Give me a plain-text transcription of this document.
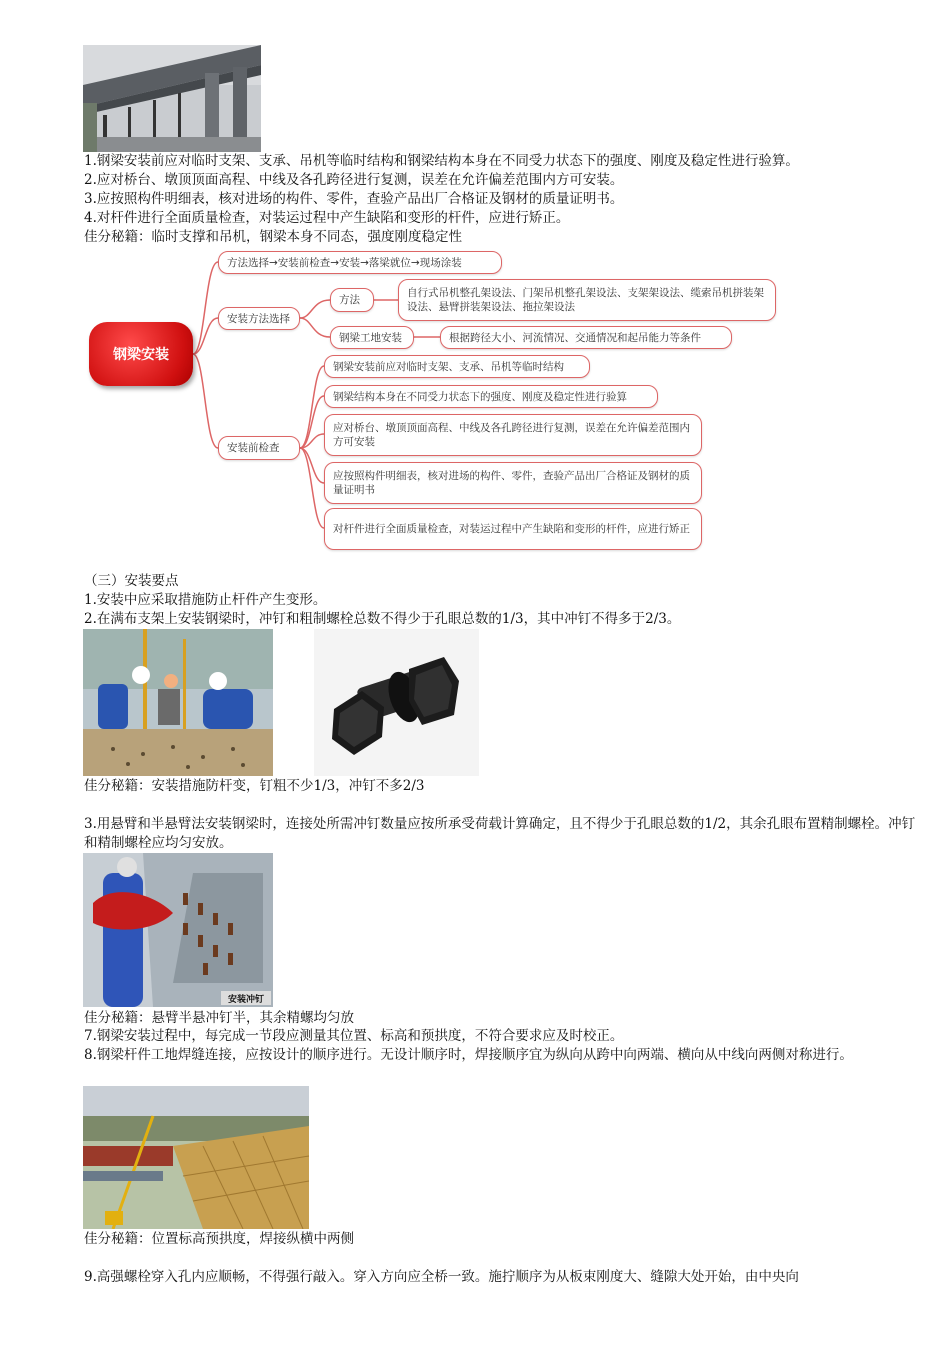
1.钢梁安装前应对临时支架、支承、吊机等临时结构和钢梁结构本身在不同受力状态下的强度、刚度及稳定性进行验算。
2.应对桥台、墩顶顶面高程、中线及各孔跨径进行复测，误差在允许偏差范围内方可安装。
3.应按照构件明细表，核对进场的构件、零件，查验产品出厂合格证及钢材的质量证明书。
4.对杆件进行全面质量检查，对装运过程中产生缺陷和变形的杆件，应进行矫正。
佳分秘籍：临时支撑和吊机，钢梁本身不同态，强度刚度稳定性
钢梁安装
方法选择→安装前检查→安装→落梁就位→现场涂装
安装方法选择
方法
自行式吊机整孔架设法、门架吊机整孔架设法、支架架设法、缆索吊机拼装架设法、悬臂拼装架设法、拖拉架设法
钢梁工地安装	根据跨径大小、河流情况、交通情况和起吊能力等条件
安装前检查
钢梁安装前应对临时支架、支承、吊机等临时结构
钢梁结构本身在不同受力状态下的强度、刚度及稳定性进行验算
应对桥台、墩顶顶面高程、中线及各孔跨径进行复测，误差在允许偏差范围内方可安装
应按照构件明细表，核对进场的构件、零件，查验产品出厂合格证及钢材的质量证明书
对杆件进行全面质量检查，对装运过程中产生缺陷和变形的杆件，应进行矫正
（三）安装要点
1.安装中应采取措施防止杆件产生变形。
2.在满布支架上安装钢梁时，冲钉和粗制螺栓总数不得少于孔眼总数的1/3，其中冲钉不得多于2/3。
佳分秘籍：安装措施防杆变，钉粗不少1/3，冲钉不多2/3
3.用悬臂和半悬臂法安装钢梁时，连接处所需冲钉数量应按所承受荷载计算确定，且不得少于孔眼总数的1/2，其余孔眼布置精制螺栓。冲钉和精制螺栓应均匀安放。
安装冲钉
佳分秘籍：悬臂半悬冲钉半，其余精螺均匀放
7.钢梁安装过程中，每完成一节段应测量其位置、标高和预拱度，不符合要求应及时校正。
8.钢梁杆件工地焊缝连接，应按设计的顺序进行。无设计顺序时，焊接顺序宜为纵向从跨中向两端、横向从中线向两侧对称进行。
佳分秘籍：位置标高预拱度，焊接纵横中两侧
9.高强螺栓穿入孔内应顺畅，不得强行敲入。穿入方向应全桥一致。施拧顺序为从板束刚度大、缝隙大处开始，由中央向
